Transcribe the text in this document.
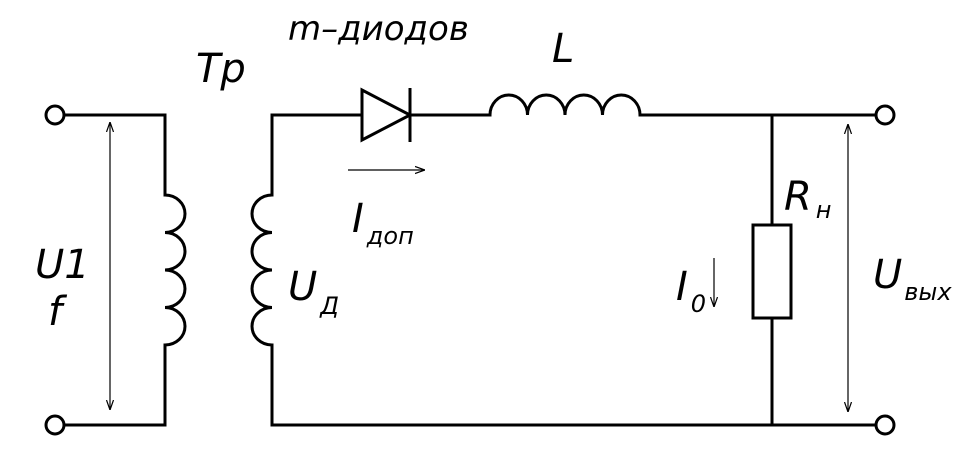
Tp
m–диодов L
U1
f
U $_Д$
I $_{доп}$
R $_н$
I $_0$
$U_{вых}$
